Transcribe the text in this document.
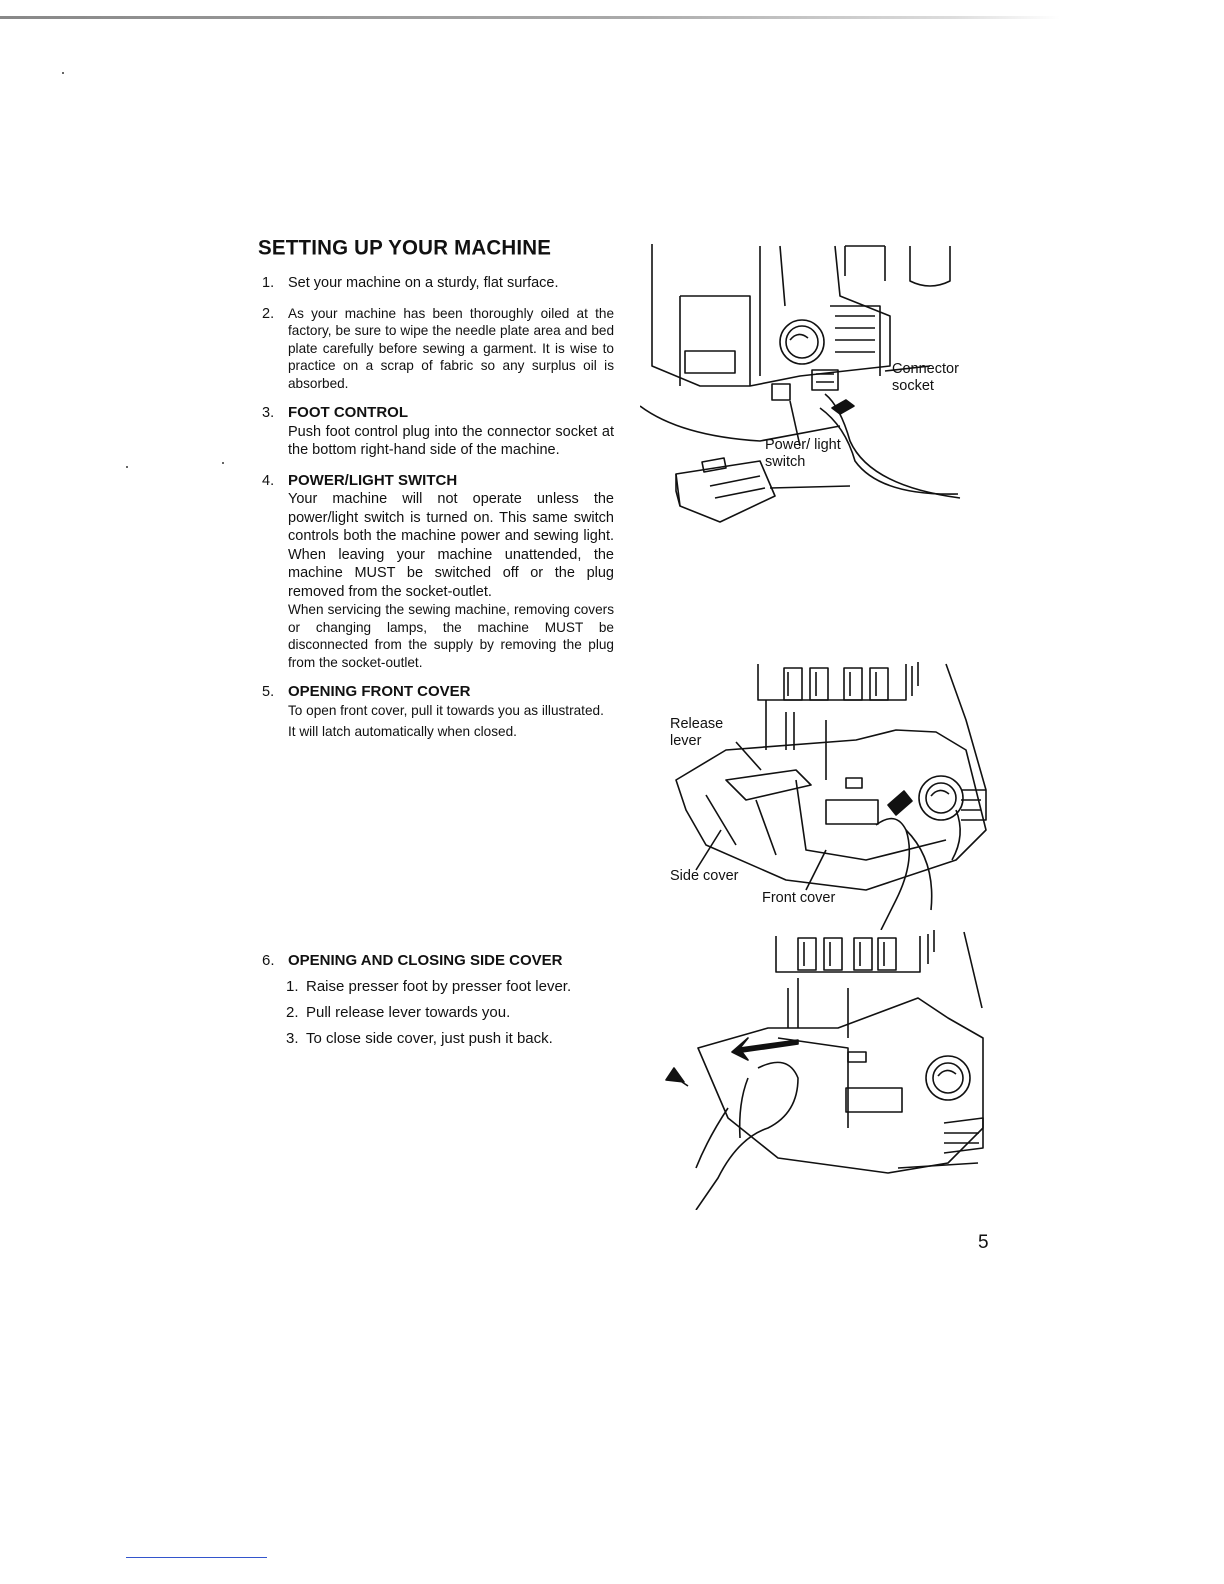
SETTING UP YOUR MACHINE
1. Set your machine on a sturdy, flat surface.
2. As your machine has been thoroughly oiled at the factory, be sure to wipe the needle plate area and bed plate carefully before sewing a garment. It is wise to practice on a scrap of fabric so any surplus oil is absorbed.
3. FOOT CONTROL
Push foot control plug into the connector socket at the bottom right-hand side of the machine.
4. POWER/LIGHT SWITCH
Your machine will not operate unless the power/light switch is turned on. This same switch controls both the machine power and sewing light. When leaving your machine unattended, the machine MUST be switched off or the plug removed from the socket-outlet.
When servicing the sewing machine, removing covers or changing lamps, the machine MUST be disconnected from the supply by removing the plug from the socket-outlet.
5. OPENING FRONT COVER
To open front cover, pull it towards you as illustrated.
It will latch automatically when closed.
6. OPENING AND CLOSING SIDE COVER
1. Raise presser foot by presser foot lever.
2. Pull release lever towards you.
3. To close side cover, just push it back.
Connector socket
Power/ light switch
Release lever
Side cover
Front cover
5
